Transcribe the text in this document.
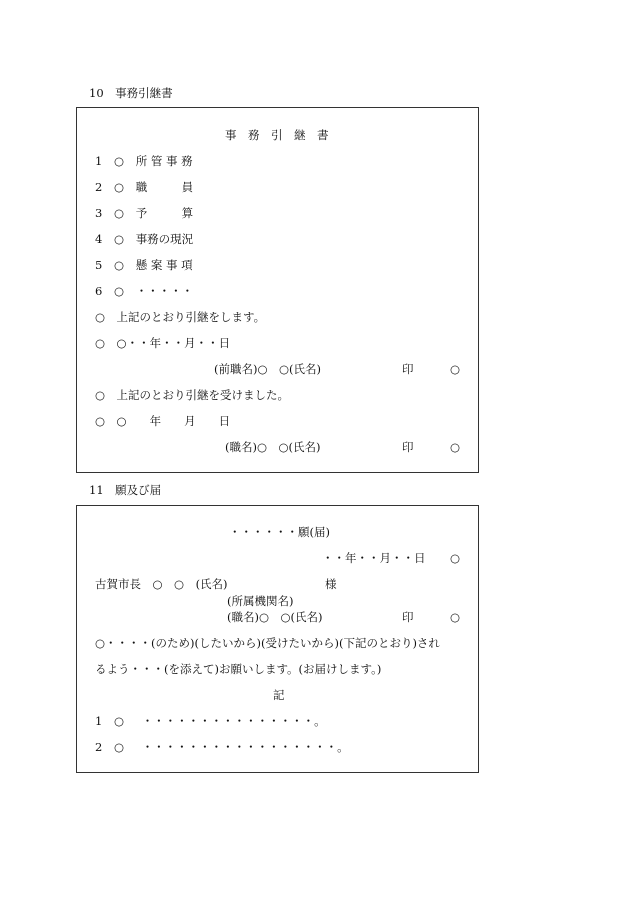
10　事務引継書
事　務　引　継　書
1 ○ 所 管 事 務
2 ○ 職　　　員
3 ○ 予　　　算
4 ○ 事務の現況
5 ○ 懸 案 事 項
6 ○ ・・・・・
○　上記のとおり引継をします。
○　○・・年・・月・・日
(前職名)○　○(氏名)	印	○
○　上記のとおり引継を受けました。
○　○　　年　　月　　日
(職名)○　○(氏名)	印	○
11　願及び届
・・・・・・願(届)
・・年・・月・・日 ○
古賀市長　○　○　(氏名)	様
(所属機関名)
(職名)○　○(氏名)	印	○
○・・・・(のため)(したいから)(受けたいから)(下記のとおり)され
るよう・・・(を添えて)お願いします。(お届けします。)
記
1 ○ ・・・・・・・・・・・・・・・。
2 ○ ・・・・・・・・・・・・・・・・・。
